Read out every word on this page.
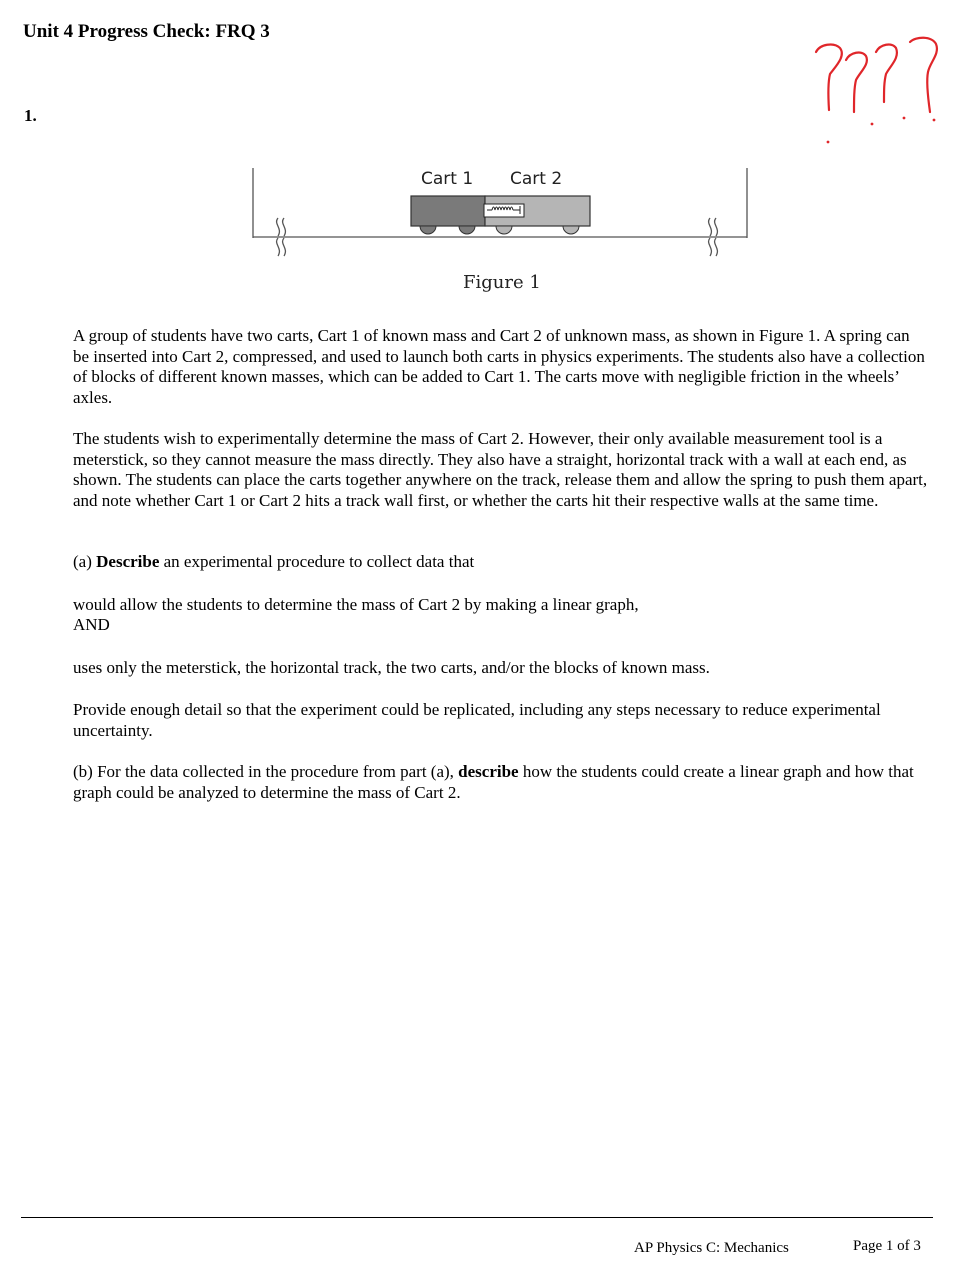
Unit 4 Progress Check: FRQ 3
1.
Cart 1 Cart 2
Figure 1

A group of students have two carts, Cart 1 of known mass and Cart 2 of unknown mass, as shown in Figure 1. A spring can be inserted into Cart 2, compressed, and used to launch both carts in physics experiments. The students also have a collection of blocks of different known masses, which can be added to Cart 1. The carts move with negligible friction in the wheels’ axles.

The students wish to experimentally determine the mass of Cart 2. However, their only available measurement tool is a meterstick, so they cannot measure the mass directly. They also have a straight, horizontal track with a wall at each end, as shown. The students can place the carts together anywhere on the track, release them and allow the spring to push them apart, and note whether Cart 1 or Cart 2 hits a track wall first, or whether the carts hit their respective walls at the same time.

(a) Describe an experimental procedure to collect data that

would allow the students to determine the mass of Cart 2 by making a linear graph,

AND

uses only the meterstick, the horizontal track, the two carts, and/or the blocks of known mass.

Provide enough detail so that the experiment could be replicated, including any steps necessary to reduce experimental uncertainty.

(b) For the data collected in the procedure from part (a), describe how the students could create a linear graph and how that graph could be analyzed to determine the mass of Cart 2.

AP Physics C: Mechanics	Page 1 of 3
